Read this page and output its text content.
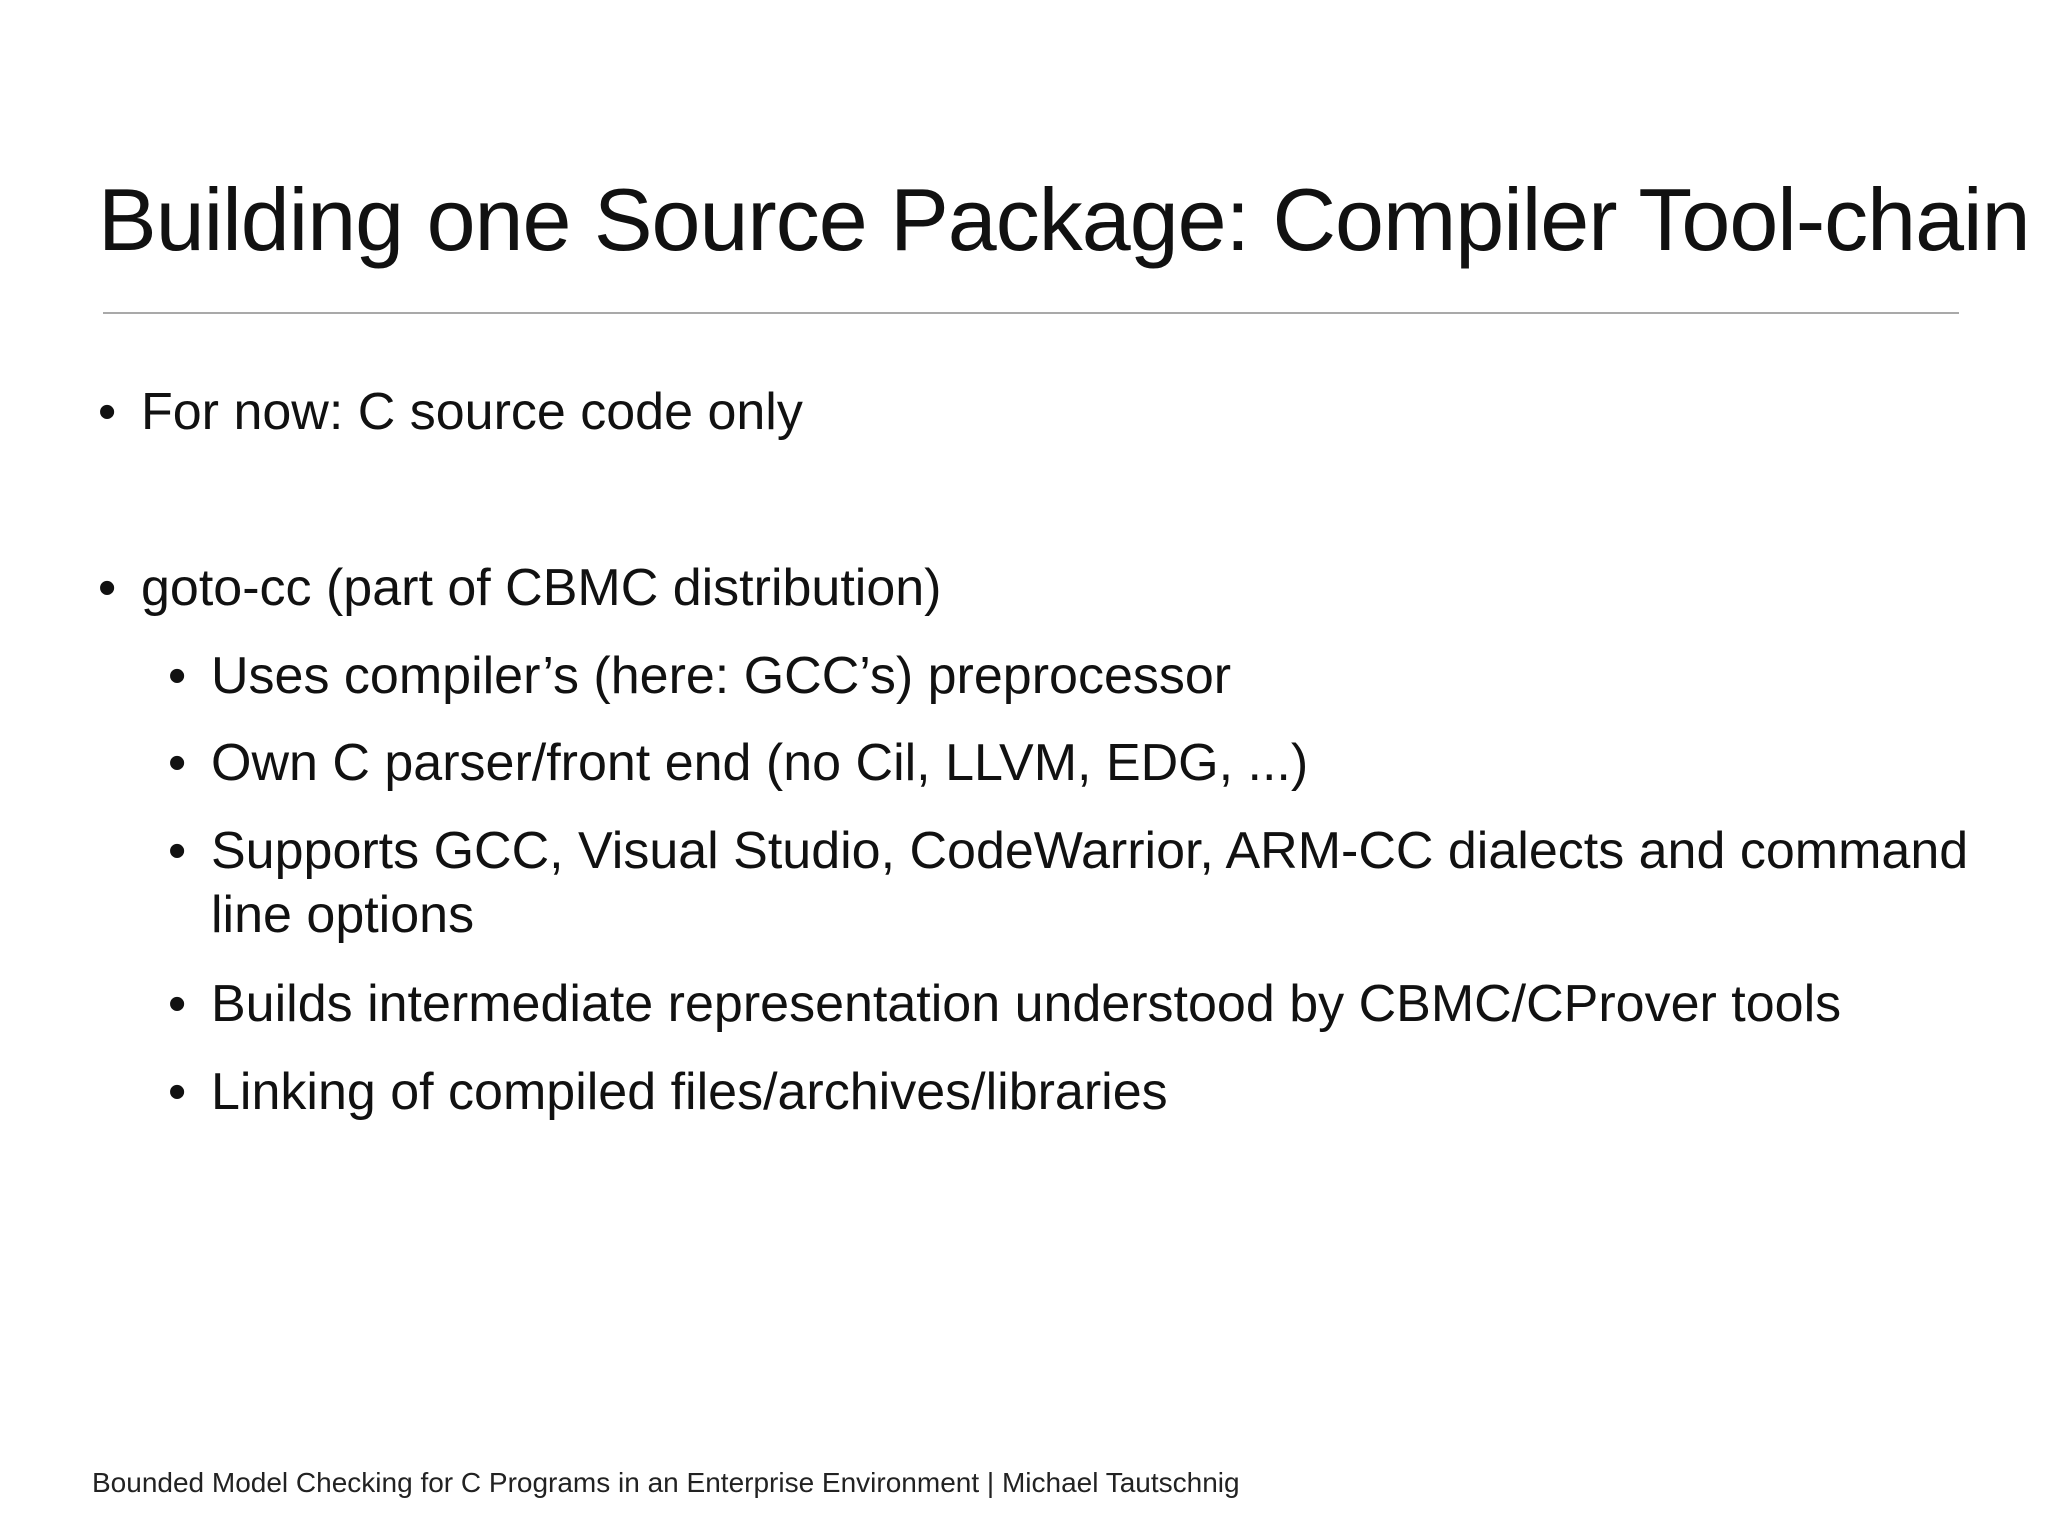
Building one Source Package: Compiler Tool-chain
• For now: C source code only
• goto-cc (part of CBMC distribution)
• Uses compiler’s (here: GCC’s) preprocessor
• Own C parser/front end (no Cil, LLVM, EDG, ...)
• Supports GCC, Visual Studio, CodeWarrior, ARM-CC dialects and command
line options
• Builds intermediate representation understood by CBMC/CProver tools
• Linking of compiled files/archives/libraries
Bounded Model Checking for C Programs in an Enterprise Environment | Michael Tautschnig
